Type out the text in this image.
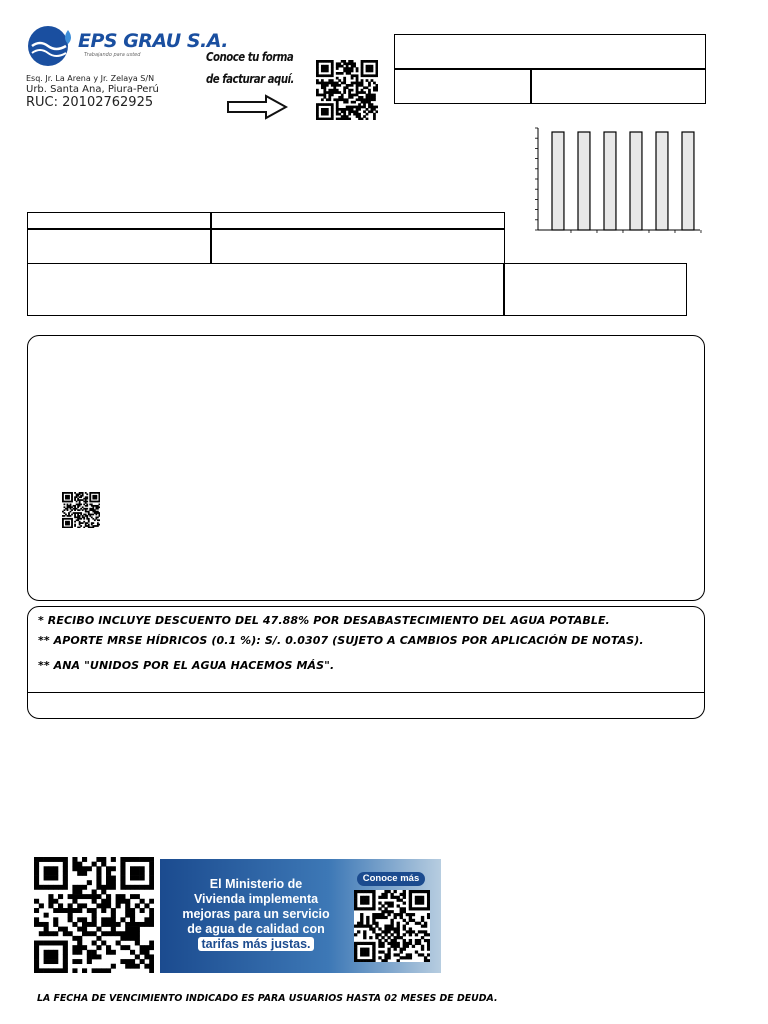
EPS GRAU S.A.
Trabajando para usted
Esq. Jr. La Arena y Jr. Zelaya S/N
Urb. Santa Ana, Piura-Perú
RUC: 20102762925
Conoce tu forma
de facturar aquí.
* RECIBO INCLUYE DESCUENTO DEL 47.88% POR DESABASTECIMIENTO DEL AGUA POTABLE.
** APORTE MRSE HÍDRICOS (0.1 %): S/. 0.0307 (SUJETO A CAMBIOS POR APLICACIÓN DE NOTAS).
** ANA "UNIDOS POR EL AGUA HACEMOS MÁS".
El Ministerio de
Vivienda implementa
mejoras para un servicio
de agua de calidad con
tarifas más justas.
Conoce más
LA FECHA DE VENCIMIENTO INDICADO ES PARA USUARIOS HASTA 02 MESES DE DEUDA.
